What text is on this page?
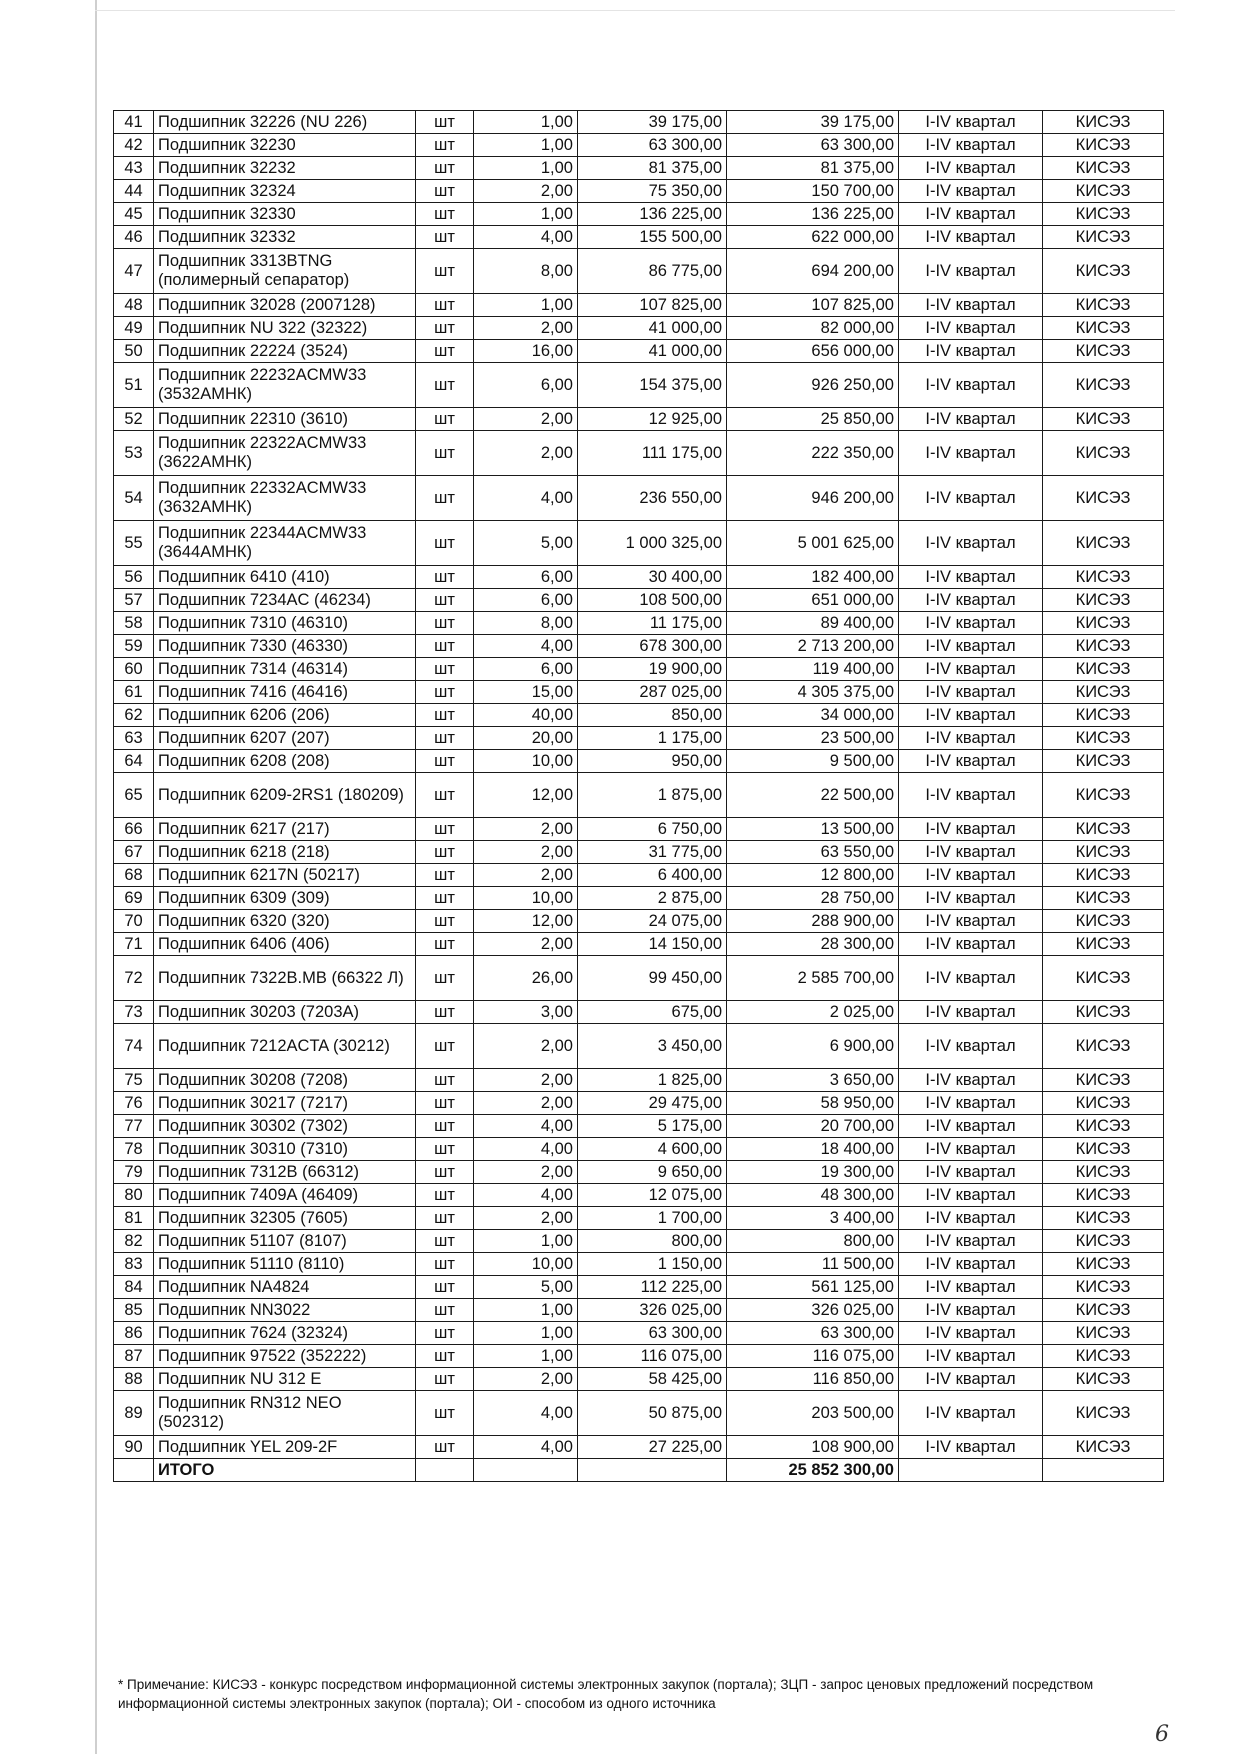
41	Подшипник 32226 (NU 226)	шт	1,00	39 175,00	39 175,00	I-IV квартал	КИСЭЗ
42	Подшипник 32230	шт	1,00	63 300,00	63 300,00	I-IV квартал	КИСЭЗ
43	Подшипник 32232	шт	1,00	81 375,00	81 375,00	I-IV квартал	КИСЭЗ
44	Подшипник 32324	шт	2,00	75 350,00	150 700,00	I-IV квартал	КИСЭЗ
45	Подшипник 32330	шт	1,00	136 225,00	136 225,00	I-IV квартал	КИСЭЗ
46	Подшипник 32332	шт	4,00	155 500,00	622 000,00	I-IV квартал	КИСЭЗ
47	Подшипник 3313BTNG (полимерный сепаратор)	шт	8,00	86 775,00	694 200,00	I-IV квартал	КИСЭЗ
48	Подшипник 32028 (2007128)	шт	1,00	107 825,00	107 825,00	I-IV квартал	КИСЭЗ
49	Подшипник NU 322 (32322)	шт	2,00	41 000,00	82 000,00	I-IV квартал	КИСЭЗ
50	Подшипник 22224 (3524)	шт	16,00	41 000,00	656 000,00	I-IV квартал	КИСЭЗ
51	Подшипник 22232ACMW33 (3532АМНК)	шт	6,00	154 375,00	926 250,00	I-IV квартал	КИСЭЗ
52	Подшипник 22310 (3610)	шт	2,00	12 925,00	25 850,00	I-IV квартал	КИСЭЗ
53	Подшипник 22322ACMW33 (3622АМНК)	шт	2,00	111 175,00	222 350,00	I-IV квартал	КИСЭЗ
54	Подшипник 22332ACMW33 (3632АМНК)	шт	4,00	236 550,00	946 200,00	I-IV квартал	КИСЭЗ
55	Подшипник 22344ACMW33 (3644АМНК)	шт	5,00	1 000 325,00	5 001 625,00	I-IV квартал	КИСЭЗ
56	Подшипник 6410 (410)	шт	6,00	30 400,00	182 400,00	I-IV квартал	КИСЭЗ
57	Подшипник 7234AC (46234)	шт	6,00	108 500,00	651 000,00	I-IV квартал	КИСЭЗ
58	Подшипник 7310 (46310)	шт	8,00	11 175,00	89 400,00	I-IV квартал	КИСЭЗ
59	Подшипник 7330 (46330)	шт	4,00	678 300,00	2 713 200,00	I-IV квартал	КИСЭЗ
60	Подшипник 7314 (46314)	шт	6,00	19 900,00	119 400,00	I-IV квартал	КИСЭЗ
61	Подшипник 7416 (46416)	шт	15,00	287 025,00	4 305 375,00	I-IV квартал	КИСЭЗ
62	Подшипник 6206 (206)	шт	40,00	850,00	34 000,00	I-IV квартал	КИСЭЗ
63	Подшипник 6207 (207)	шт	20,00	1 175,00	23 500,00	I-IV квартал	КИСЭЗ
64	Подшипник 6208 (208)	шт	10,00	950,00	9 500,00	I-IV квартал	КИСЭЗ
65	Подшипник 6209-2RS1 (180209)	шт	12,00	1 875,00	22 500,00	I-IV квартал	КИСЭЗ
66	Подшипник 6217 (217)	шт	2,00	6 750,00	13 500,00	I-IV квартал	КИСЭЗ
67	Подшипник 6218 (218)	шт	2,00	31 775,00	63 550,00	I-IV квартал	КИСЭЗ
68	Подшипник 6217N (50217)	шт	2,00	6 400,00	12 800,00	I-IV квартал	КИСЭЗ
69	Подшипник 6309 (309)	шт	10,00	2 875,00	28 750,00	I-IV квартал	КИСЭЗ
70	Подшипник 6320 (320)	шт	12,00	24 075,00	288 900,00	I-IV квартал	КИСЭЗ
71	Подшипник 6406 (406)	шт	2,00	14 150,00	28 300,00	I-IV квартал	КИСЭЗ
72	Подшипник 7322B.MB (66322 Л)	шт	26,00	99 450,00	2 585 700,00	I-IV квартал	КИСЭЗ
73	Подшипник 30203 (7203A)	шт	3,00	675,00	2 025,00	I-IV квартал	КИСЭЗ
74	Подшипник 7212ACTA (30212)	шт	2,00	3 450,00	6 900,00	I-IV квартал	КИСЭЗ
75	Подшипник 30208 (7208)	шт	2,00	1 825,00	3 650,00	I-IV квартал	КИСЭЗ
76	Подшипник 30217 (7217)	шт	2,00	29 475,00	58 950,00	I-IV квартал	КИСЭЗ
77	Подшипник 30302 (7302)	шт	4,00	5 175,00	20 700,00	I-IV квартал	КИСЭЗ
78	Подшипник 30310 (7310)	шт	4,00	4 600,00	18 400,00	I-IV квартал	КИСЭЗ
79	Подшипник 7312B (66312)	шт	2,00	9 650,00	19 300,00	I-IV квартал	КИСЭЗ
80	Подшипник 7409A (46409)	шт	4,00	12 075,00	48 300,00	I-IV квартал	КИСЭЗ
81	Подшипник 32305 (7605)	шт	2,00	1 700,00	3 400,00	I-IV квартал	КИСЭЗ
82	Подшипник 51107 (8107)	шт	1,00	800,00	800,00	I-IV квартал	КИСЭЗ
83	Подшипник 51110 (8110)	шт	10,00	1 150,00	11 500,00	I-IV квартал	КИСЭЗ
84	Подшипник NA4824	шт	5,00	112 225,00	561 125,00	I-IV квартал	КИСЭЗ
85	Подшипник NN3022	шт	1,00	326 025,00	326 025,00	I-IV квартал	КИСЭЗ
86	Подшипник 7624 (32324)	шт	1,00	63 300,00	63 300,00	I-IV квартал	КИСЭЗ
87	Подшипник 97522 (352222)	шт	1,00	116 075,00	116 075,00	I-IV квартал	КИСЭЗ
88	Подшипник NU 312 E	шт	2,00	58 425,00	116 850,00	I-IV квартал	КИСЭЗ
89	Подшипник RN312 NEO (502312)	шт	4,00	50 875,00	203 500,00	I-IV квартал	КИСЭЗ
90	Подшипник YEL 209-2F	шт	4,00	27 225,00	108 900,00	I-IV квартал	КИСЭЗ
	ИТОГО				25 852 300,00		
* Примечание: КИСЭЗ - конкурс посредством информационной системы электронных закупок (портала); ЗЦП - запрос ценовых предложений посредством информационной системы электронных закупок (портала); ОИ - способом из одного источника
6
